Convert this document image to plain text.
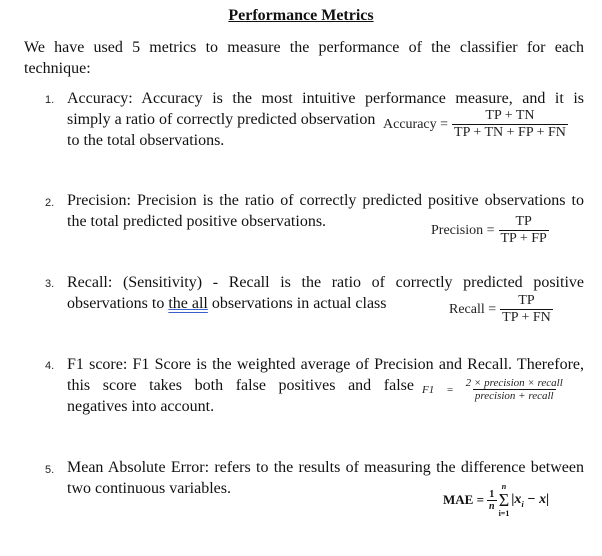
Performance Metrics
We have used 5 metrics to measure the performance of the classifier for each technique:
1. Accuracy: Accuracy is the most intuitive performance measure, and it is
simply a ratio of correctly predicted observation
to the total observations.
Accuracy = $\frac{TP + TN}{TP + TN + FP + FN}$
2. Precision: Precision is the ratio of correctly predicted positive observations to
the total predicted positive observations.	Precision = $\frac{TP}{TP + FP}$
3. Recall: (Sensitivity) - Recall is the ratio of correctly predicted positive
observations to the all observations in actual class	Recall = $\frac{TP}{TP + FN}$
4. F1 score: F1 Score is the weighted average of Precision and Recall. Therefore,
this score takes both false positives and false
negatives into account.
$F1 = \frac{\text{2 × precision × recall}}{\text{precision + recall}}$
5. Mean Absolute Error: refers to the results of measuring the difference between
two continuous variables.
MAE = $\frac{1}{n}$
n
Σ
i=1
$|x_i - x|$
